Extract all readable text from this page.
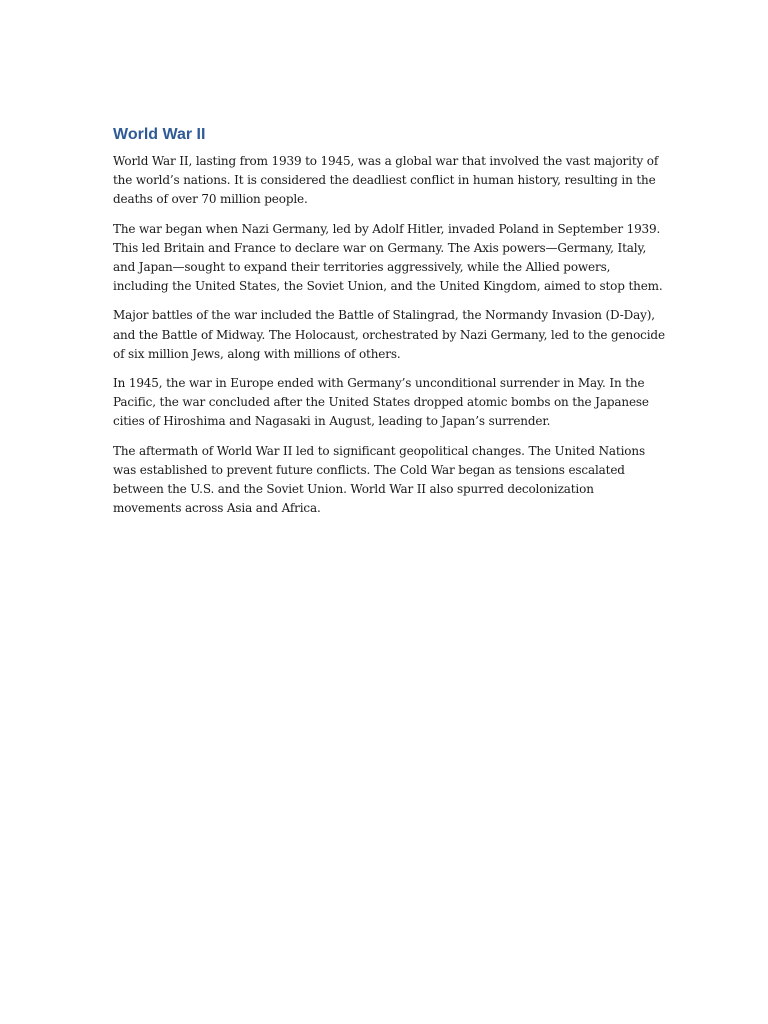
World War II

World War II, lasting from 1939 to 1945, was a global war that involved the vast majority of
the world’s nations. It is considered the deadliest conflict in human history, resulting in the
deaths of over 70 million people.

The war began when Nazi Germany, led by Adolf Hitler, invaded Poland in September 1939.
This led Britain and France to declare war on Germany. The Axis powers—Germany, Italy,
and Japan—sought to expand their territories aggressively, while the Allied powers,
including the United States, the Soviet Union, and the United Kingdom, aimed to stop them.

Major battles of the war included the Battle of Stalingrad, the Normandy Invasion (D-Day),
and the Battle of Midway. The Holocaust, orchestrated by Nazi Germany, led to the genocide
of six million Jews, along with millions of others.

In 1945, the war in Europe ended with Germany’s unconditional surrender in May. In the
Pacific, the war concluded after the United States dropped atomic bombs on the Japanese
cities of Hiroshima and Nagasaki in August, leading to Japan’s surrender.

The aftermath of World War II led to significant geopolitical changes. The United Nations
was established to prevent future conflicts. The Cold War began as tensions escalated
between the U.S. and the Soviet Union. World War II also spurred decolonization
movements across Asia and Africa.
